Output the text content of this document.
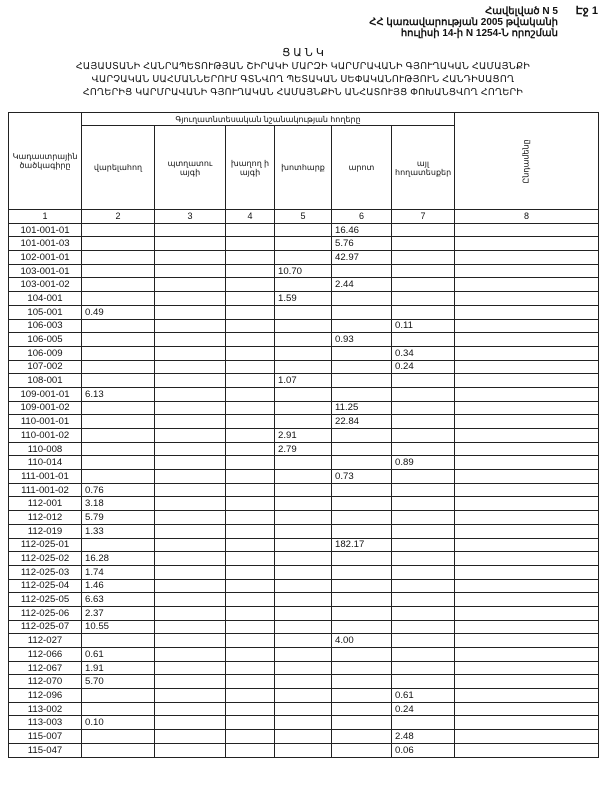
Էջ 1
Հավելված N 5
ՀՀ կառավարության 2005 թվականի
հուլիսի 14-ի N 1254-Ն որոշման
Ց Ա Ն Կ
ՀԱՅԱՍՏԱՆԻ ՀԱՆՐԱՊԵՏՈՒԹՅԱՆ ՇԻՐԱԿԻ ՄԱՐԶԻ ԿԱՐՄՐԱՎԱՆԻ ԳՅՈՒՂԱԿԱՆ ՀԱՄԱՅՆՔԻ
ՎԱՐՉԱԿԱՆ ՍԱՀՄԱՆՆԵՐՈՒՄ ԳՏՆՎՈՂ ՊԵՏԱԿԱՆ ՍԵՓԱԿԱՆՈՒԹՅՈՒՆ ՀԱՆԴԻՍԱՑՈՂ
ՀՈՂԵՐԻՑ ԿԱՐՄՐԱՎԱՆԻ ԳՅՈՒՂԱԿԱՆ ՀԱՄԱՅՆՔԻՆ ԱՆՀԱՏՈՒՅՑ ՓՈԽԱՆՑՎՈՂ ՀՈՂԵՐԻ
Կադաստրային ծածկագիրը	Գյուղատնտեսական նշանակության հողերը						Ընդամենը
	վարելահող	պտղատու այգի	խաղող ի այգի	խոտհարք	արոտ	այլ հողատեսքեր	
1	2	3	4	5	6	7	8
101-001-01					16.46		
101-001-03					5.76		
102-001-01					42.97		
103-001-01				10.70			
103-001-02					2.44		
104-001				1.59			
105-001	0.49						
106-003						0.11	
106-005					0.93		
106-009						0.34	
107-002						0.24	
108-001				1.07			
109-001-01	6.13						
109-001-02					11.25		
110-001-01					22.84		
110-001-02				2.91			
110-008				2.79			
110-014						0.89	
111-001-01					0.73		
111-001-02	0.76						
112-001	3.18						
112-012	5.79						
112-019	1.33						
112-025-01					182.17		
112-025-02	16.28						
112-025-03	1.74						
112-025-04	1.46						
112-025-05	6.63						
112-025-06	2.37						
112-025-07	10.55						
112-027					4.00		
112-066	0.61						
112-067	1.91						
112-070	5.70						
112-096						0.61	
113-002						0.24	
113-003	0.10						
115-007						2.48	
115-047						0.06	
